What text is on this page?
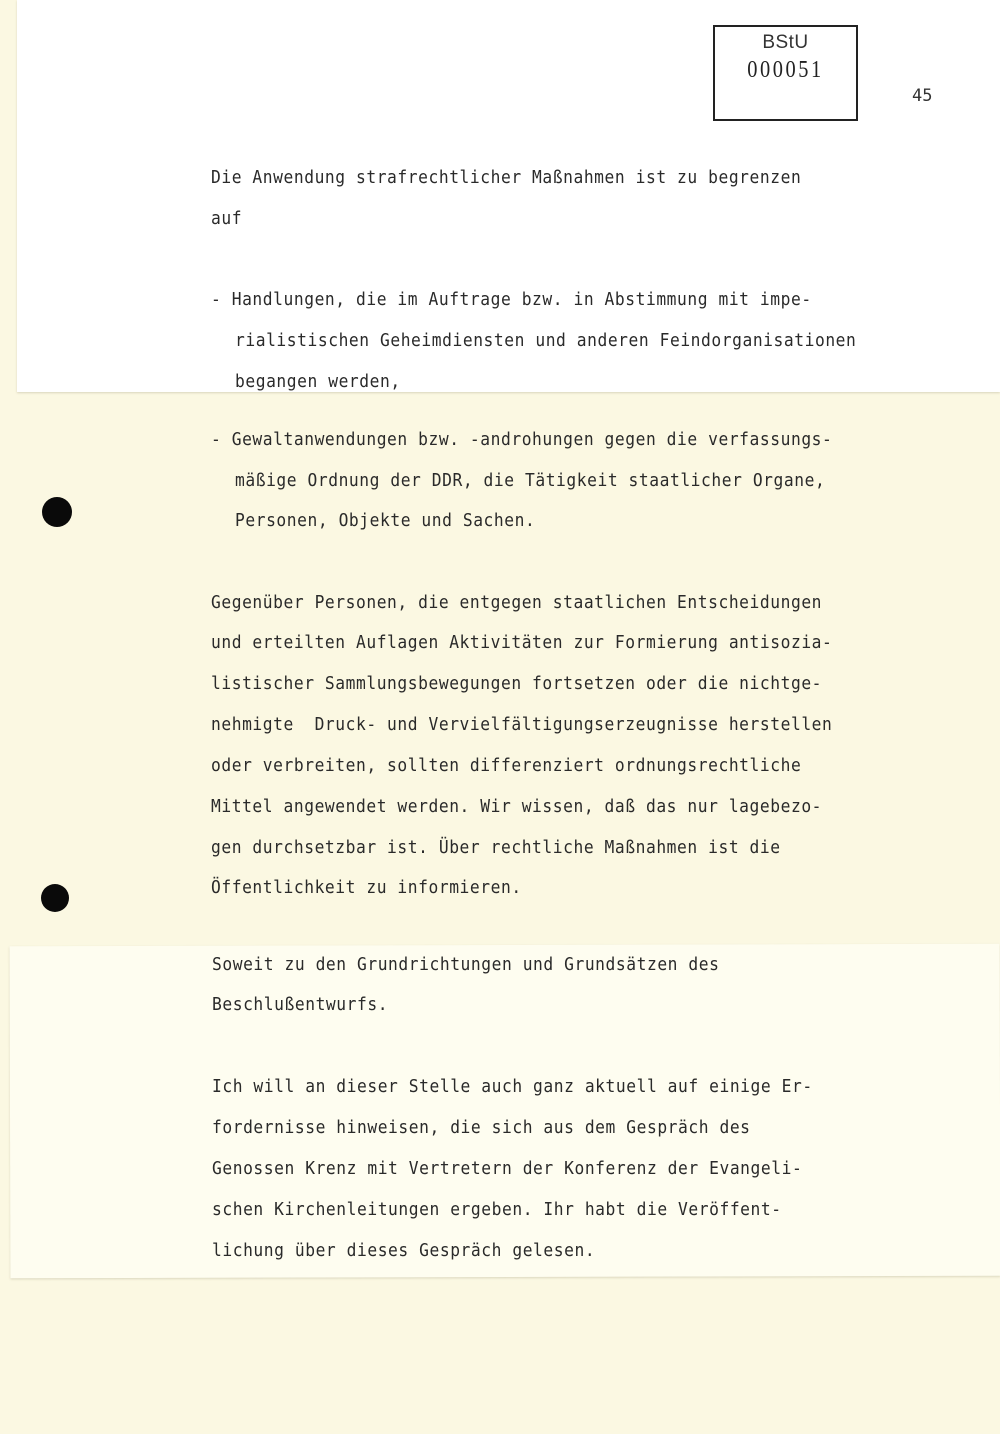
BStU
000051
45
Die Anwendung strafrechtlicher Maßnahmen ist zu begrenzen
auf
- Handlungen, die im Auftrage bzw. in Abstimmung mit impe-
rialistischen Geheimdiensten und anderen Feindorganisationen
begangen werden,
- Gewaltanwendungen bzw. -androhungen gegen die verfassungs-
mäßige Ordnung der DDR, die Tätigkeit staatlicher Organe,
Personen, Objekte und Sachen.
Gegenüber Personen, die entgegen staatlichen Entscheidungen
und erteilten Auflagen Aktivitäten zur Formierung antisozia-
listischer Sammlungsbewegungen fortsetzen oder die nichtge-
nehmigte  Druck- und Vervielfältigungserzeugnisse herstellen
oder verbreiten, sollten differenziert ordnungsrechtliche
Mittel angewendet werden. Wir wissen, daß das nur lagebezo-
gen durchsetzbar ist. Über rechtliche Maßnahmen ist die
Öffentlichkeit zu informieren.
Soweit zu den Grundrichtungen und Grundsätzen des
Beschlußentwurfs.
Ich will an dieser Stelle auch ganz aktuell auf einige Er-
fordernisse hinweisen, die sich aus dem Gespräch des
Genossen Krenz mit Vertretern der Konferenz der Evangeli-
schen Kirchenleitungen ergeben. Ihr habt die Veröffent-
lichung über dieses Gespräch gelesen.
